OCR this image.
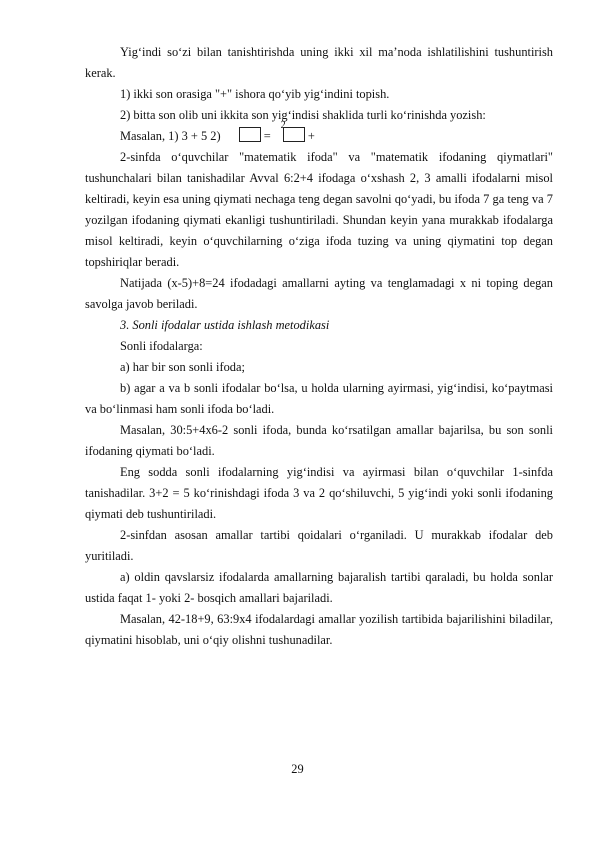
Yigʻindi soʻzi bilan tanishtirishda uning ikki xil maʼnoda ishlatilishini tushuntirish kerak.

1) ikki son orasiga "+" ishora qoʻyib yigʻindini topish.

2) bitta son olib uni ikkita son yigʻindisi shaklida turli koʻrinishda yozish:

Masalan, 1) 3 + 5 2)
2
=	+

2-sinfda oʻquvchilar "matematik ifoda" va "matematik ifodaning qiymatlari" tushunchalari bilan tanishadilar Avval 6:2+4 ifodaga oʻxshash 2, 3 amalli ifodalarni misol keltiradi, keyin esa uning qiymati nechaga teng degan savolni qoʻyadi, bu ifoda 7 ga teng va 7 yozilgan ifodaning qiymati ekanligi tushuntiriladi. Shundan keyin yana murakkab ifodalarga misol keltiradi, keyin oʻquvchilarning oʻziga ifoda tuzing va uning qiymatini top degan topshiriqlar beradi.

Natijada (x-5)+8=24 ifodadagi amallarni ayting va tenglamadagi x ni toping degan savolga javob beriladi.

3. Sonli ifodalar ustida ishlash metodikasi

Sonli ifodalarga:

a) har bir son sonli ifoda;

b) agar a va b sonli ifodalar boʻlsa, u holda ularning ayirmasi, yigʻindisi, koʻpaytmasi va boʻlinmasi ham sonli ifoda boʻladi.

Masalan, 30:5+4x6-2 sonli ifoda, bunda koʻrsatilgan amallar bajarilsa, bu son sonli ifodaning qiymati boʻladi.

Eng sodda sonli ifodalarning yigʻindisi va ayirmasi bilan oʻquvchilar 1-sinfda tanishadilar. 3+2 = 5 koʻrinishdagi ifoda 3 va 2 qoʻshiluvchi, 5 yigʻindi yoki sonli ifodaning qiymati deb tushuntiriladi.

2-sinfdan asosan amallar tartibi qoidalari oʻrganiladi. U murakkab ifodalar deb yuritiladi.

a) oldin qavslarsiz ifodalarda amallarning bajaralish tartibi qaraladi, bu holda sonlar ustida faqat 1- yoki 2- bosqich amallari bajariladi.

Masalan, 42-18+9, 63:9x4 ifodalardagi amallar yozilish tartibida bajarilishini biladilar, qiymatini hisoblab, uni oʻqiy olishni tushunadilar.

29
